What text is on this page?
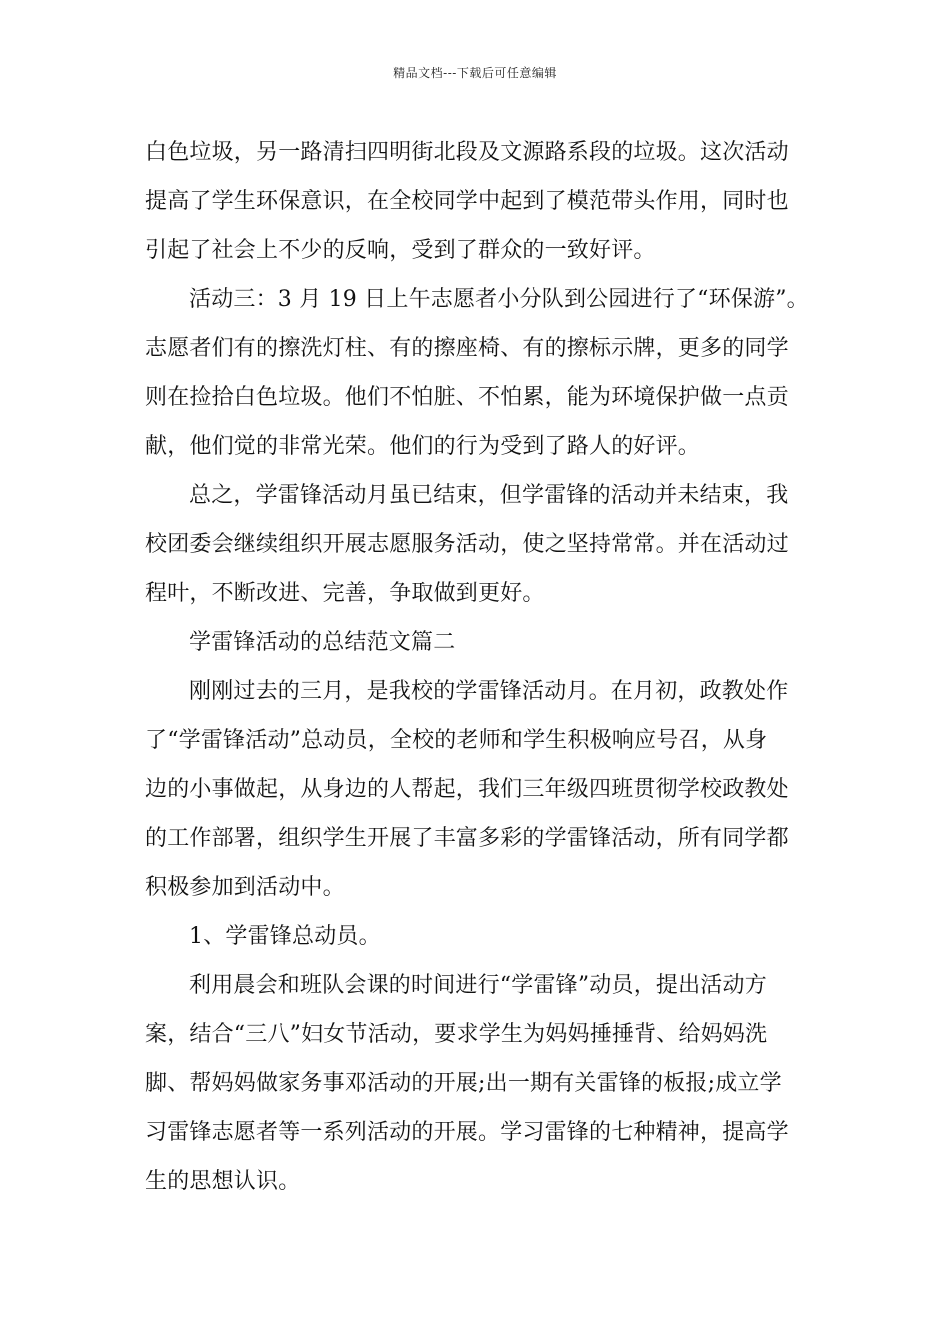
精品文档---下载后可任意编辑
白色垃圾，另一路清扫四明街北段及文源路系段的垃圾。这次活动
提高了学生环保意识，在全校同学中起到了模范带头作用，同时也
引起了社会上不少的反响，受到了群众的一致好评。
活动三：3 月 19 日上午志愿者小分队到公园进行了“环保游”。
志愿者们有的擦洗灯柱、有的擦座椅、有的擦标示牌，更多的同学
则在捡拾白色垃圾。他们不怕脏、不怕累，能为环境保护做一点贡
献，他们觉的非常光荣。他们的行为受到了路人的好评。
总之，学雷锋活动月虽已结束，但学雷锋的活动并未结束，我
校团委会继续组织开展志愿服务活动，使之坚持常常。并在活动过
程叶，不断改进、完善，争取做到更好。
学雷锋活动的总结范文篇二
刚刚过去的三月，是我校的学雷锋活动月。在月初，政教处作
了“学雷锋活动”总动员，全校的老师和学生积极响应号召，从身
边的小事做起，从身边的人帮起，我们三年级四班贯彻学校政教处
的工作部署，组织学生开展了丰富多彩的学雷锋活动，所有同学都
积极参加到活动中。
1、学雷锋总动员。
利用晨会和班队会课的时间进行“学雷锋”动员，提出活动方
案，结合“三八”妇女节活动，要求学生为妈妈捶捶背、给妈妈洗
脚、帮妈妈做家务事邓活动的开展;出一期有关雷锋的板报;成立学
习雷锋志愿者等一系列活动的开展。学习雷锋的七种精神，提高学
生的思想认识。
